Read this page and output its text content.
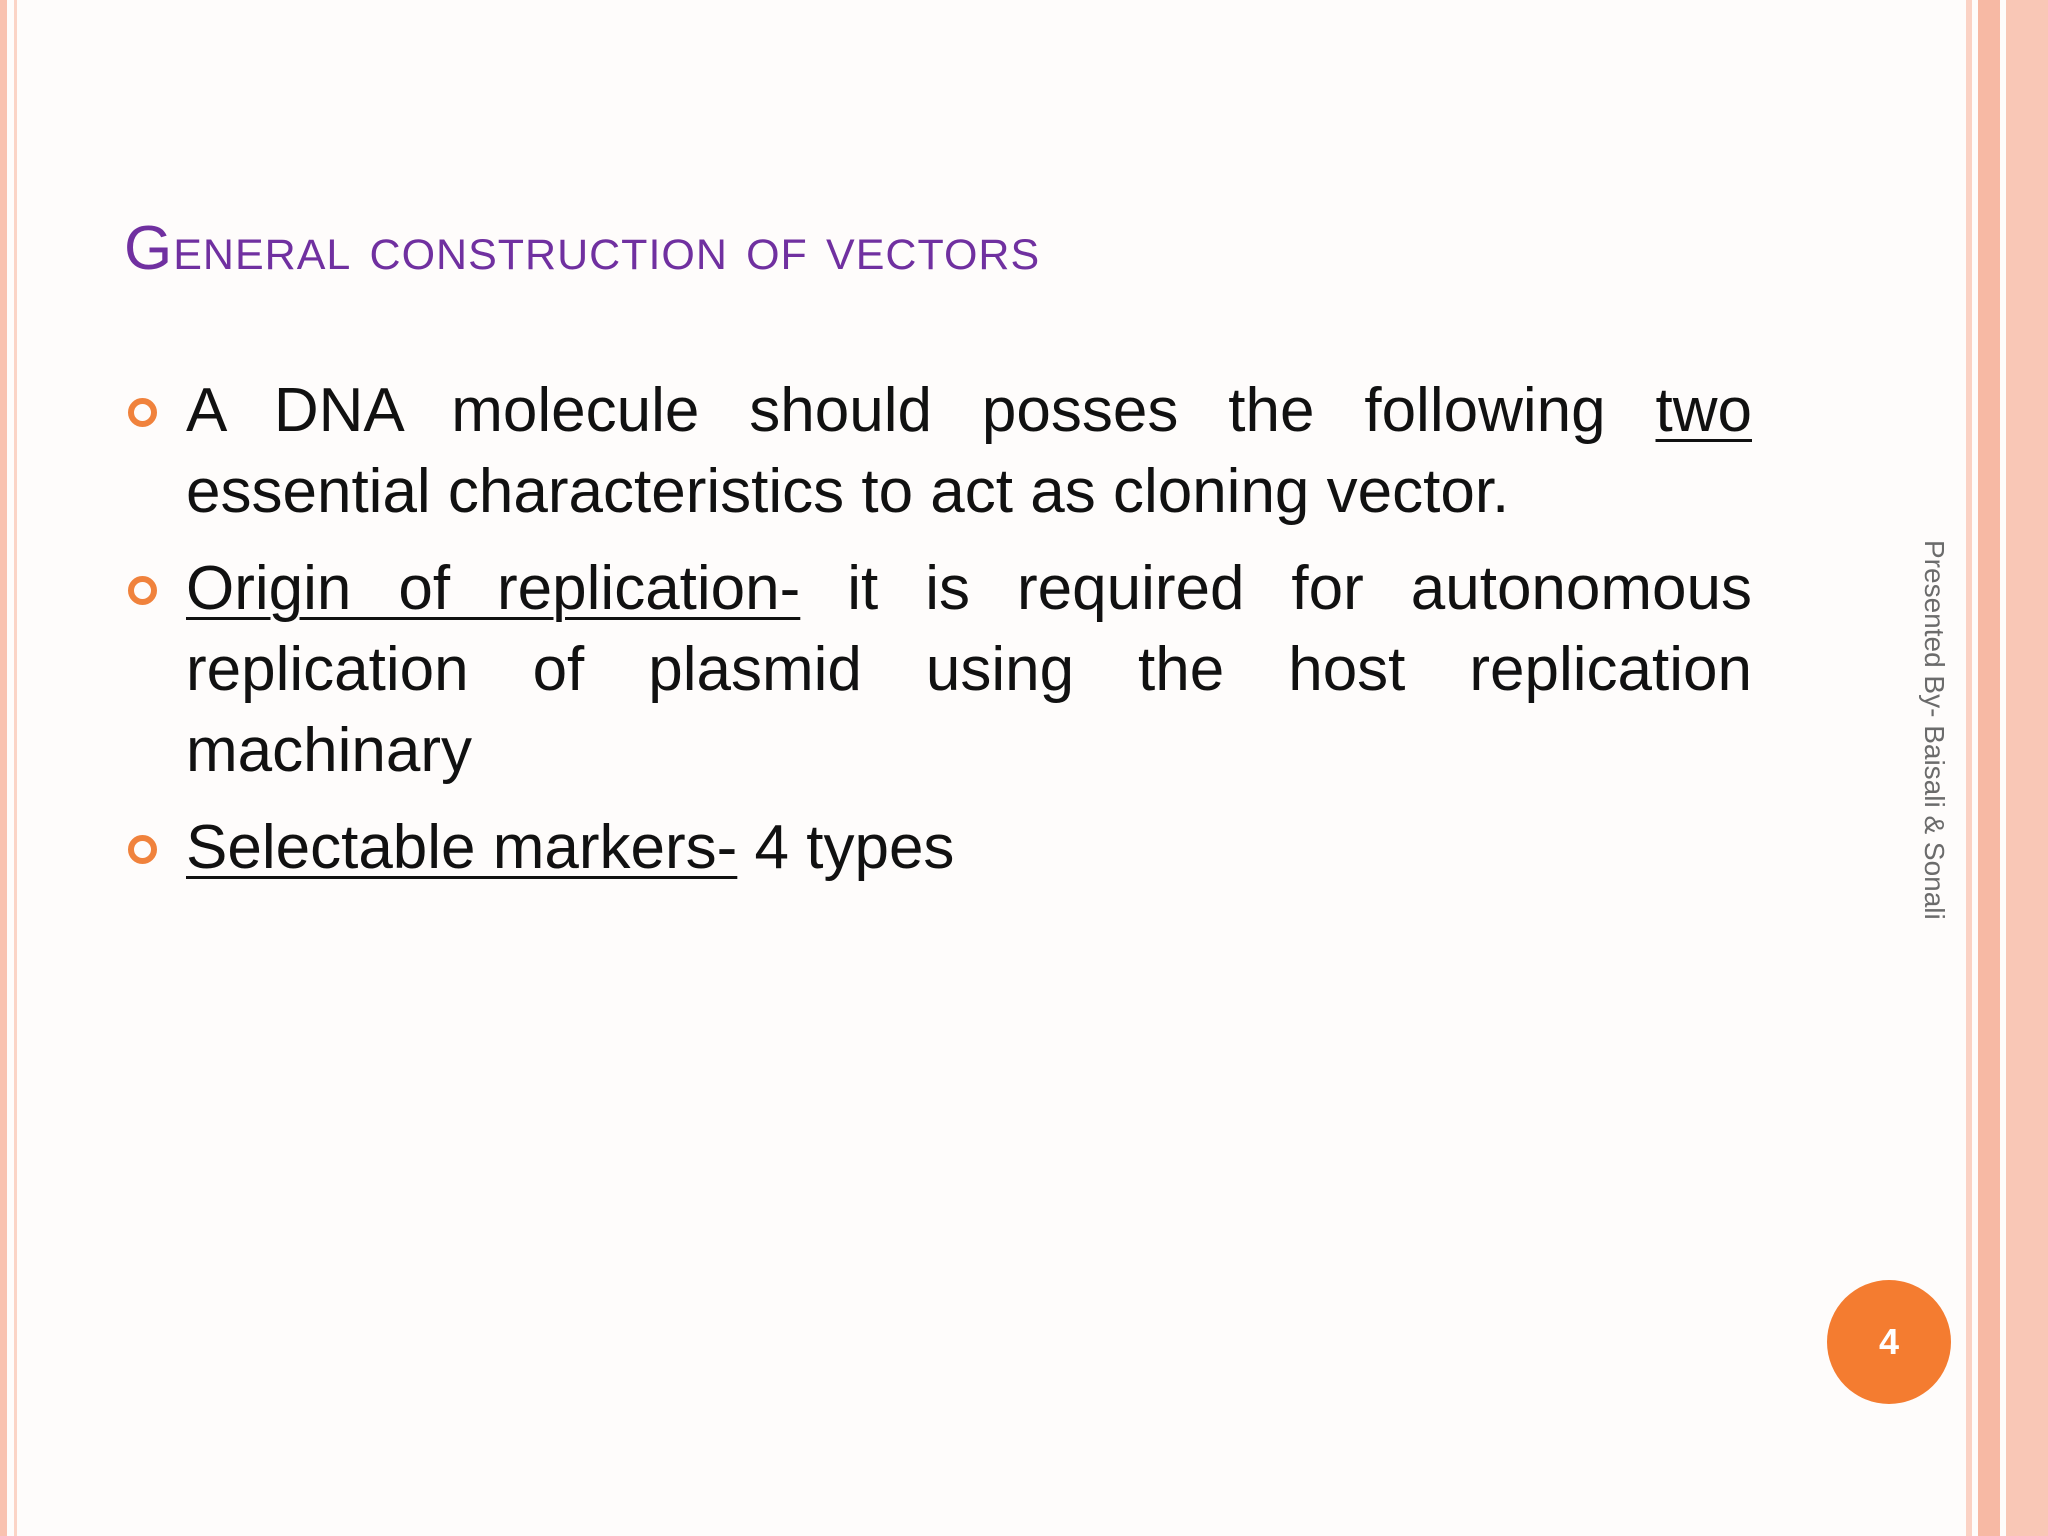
General construction of vectors
A DNA molecule should posses the following two essential characteristics to act as cloning vector.
Origin of replication- it is required for autonomous replication of plasmid using the host replication machinary
Selectable markers- 4 types	Presented By- Baisali & Sonali
4
